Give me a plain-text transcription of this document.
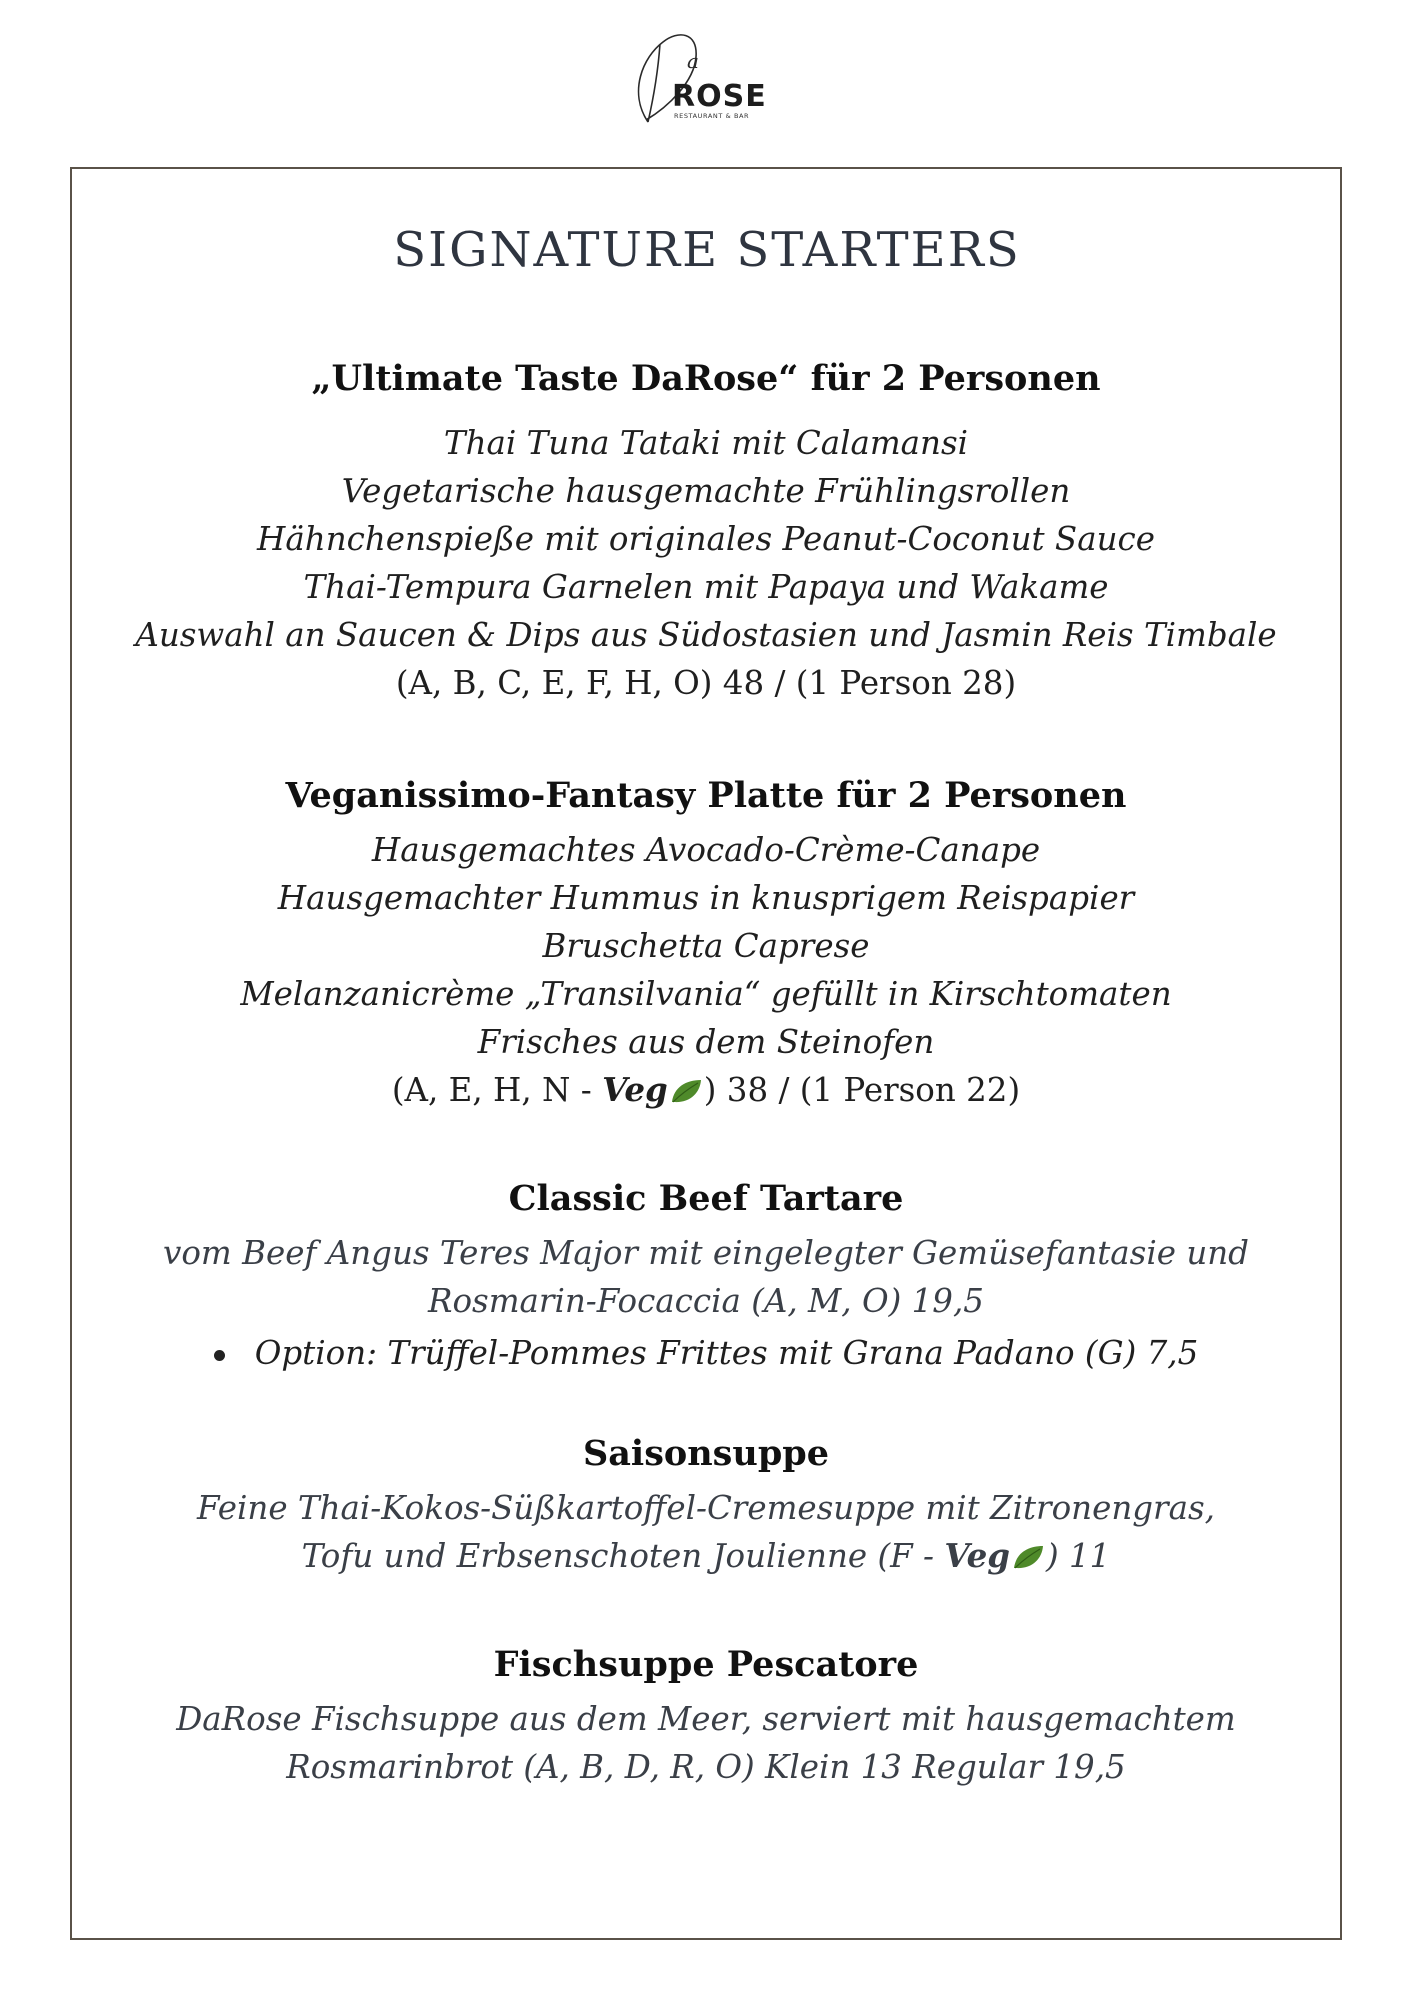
ROSE
RESTAURANT & BAR
a
SIGNATURE STARTERS

„Ultimate Taste DaRose“ für 2 Personen

Thai Tuna Tataki mit Calamansi

Vegetarische hausgemachte Frühlingsrollen

Hähnchenspieße mit originales Peanut-Coconut Sauce

Thai-Tempura Garnelen mit Papaya und Wakame

Auswahl an Saucen & Dips aus Südostasien und Jasmin Reis Timbale

(A, B, C, E, F, H, O) 48 / (1 Person 28)

Veganissimo-Fantasy Platte für 2 Personen

Hausgemachtes Avocado-Crème-Canape

Hausgemachter Hummus in knusprigem Reispapier

Bruschetta Caprese

Melanzanicrème „Transilvania“ gefüllt in Kirschtomaten

Frisches aus dem Steinofen

(A, E, H, N - Veg ) 38 / (1 Person 22)

Classic Beef Tartare

vom Beef Angus Teres Major mit eingelegter Gemüsefantasie und

Rosmarin-Focaccia (A, M, O) 19,5

Option: Trüffel-Pommes Frittes mit Grana Padano (G) 7,5

Saisonsuppe

Feine Thai-Kokos-Süßkartoffel-Cremesuppe mit Zitronengras,

Tofu und Erbsenschoten Joulienne (F - Veg ) 11

Fischsuppe Pescatore

DaRose Fischsuppe aus dem Meer, serviert mit hausgemachtem

Rosmarinbrot (A, B, D, R, O) Klein 13 Regular 19,5
